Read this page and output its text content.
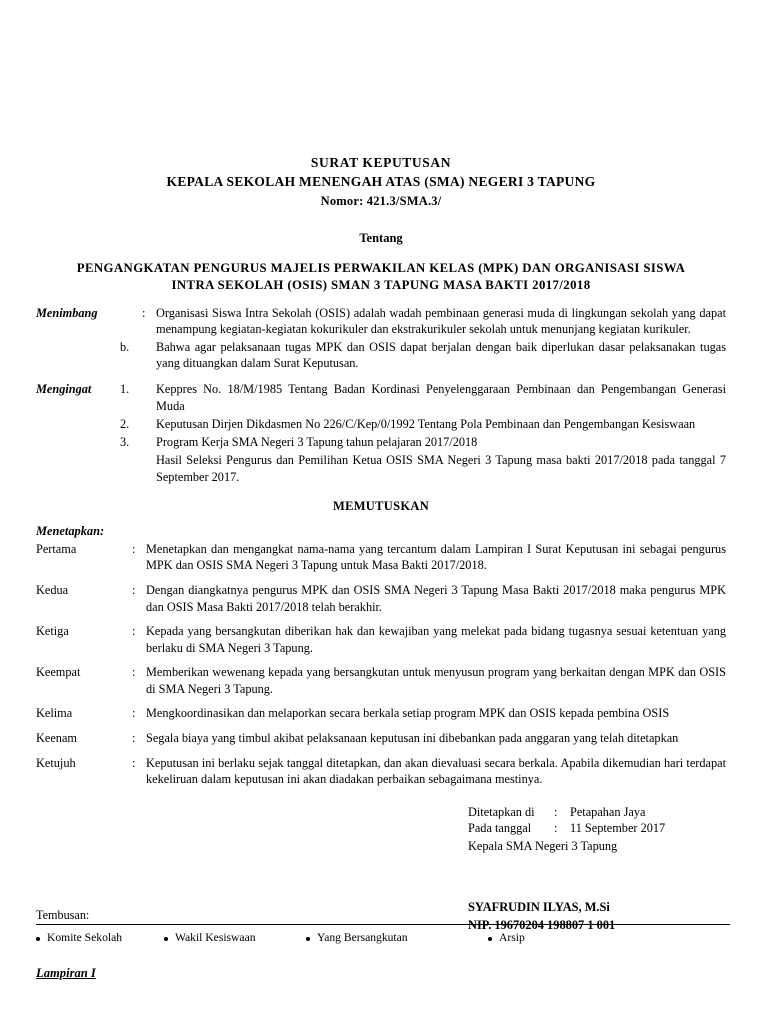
SURAT KEPUTUSAN
KEPALA SEKOLAH MENENGAH ATAS (SMA) NEGERI 3 TAPUNG
Nomor: 421.3/SMA.3/
Tentang
PENGANGKATAN PENGURUS MAJELIS PERWAKILAN KELAS (MPK) DAN ORGANISASI SISWA
INTRA SEKOLAH (OSIS) SMAN 3 TAPUNG MASA BAKTI 2017/2018
Menimbang	: Organisasi Siswa Intra Sekolah (OSIS) adalah wadah pembinaan generasi muda di lingkungan sekolah yang dapat menampung kegiatan-kegiatan kokurikuler dan ekstrakurikuler sekolah untuk menunjang kegiatan kurikuler.
b.	Bahwa agar pelaksanaan tugas MPK dan OSIS dapat berjalan dengan baik diperlukan dasar pelaksanakan tugas yang dituangkan dalam Surat Keputusan.
Mengingat	1.	Keppres No. 18/M/1985 Tentang Badan Kordinasi Penyelenggaraan Pembinaan dan Pengembangan Generasi Muda
2.	Keputusan Dirjen Dikdasmen No 226/C/Kep/0/1992 Tentang Pola Pembinaan dan Pengembangan Kesiswaan
3.	Program Kerja SMA Negeri 3 Tapung tahun pelajaran 2017/2018
Hasil Seleksi Pengurus dan Pemilihan Ketua OSIS SMA Negeri 3 Tapung masa bakti 2017/2018 pada tanggal 7 September 2017.
MEMUTUSKAN
Menetapkan:
Pertama	: Menetapkan dan mengangkat nama-nama yang tercantum dalam Lampiran I Surat Keputusan ini sebagai pengurus MPK dan OSIS SMA Negeri 3 Tapung untuk Masa Bakti 2017/2018.
Kedua	: Dengan diangkatnya pengurus MPK dan OSIS SMA Negeri 3 Tapung Masa Bakti 2017/2018 maka pengurus MPK dan OSIS Masa Bakti 2017/2018 telah berakhir.
Ketiga	: Kepada yang bersangkutan diberikan hak dan kewajiban yang melekat pada bidang tugasnya sesuai ketentuan yang berlaku di SMA Negeri 3 Tapung.
Keempat	: Memberikan wewenang kepada yang bersangkutan untuk menyusun program yang berkaitan dengan MPK dan OSIS di SMA Negeri 3 Tapung.
Kelima	: Mengkoordinasikan dan melaporkan secara berkala setiap program MPK dan OSIS kepada pembina OSIS
Keenam	: Segala biaya yang timbul akibat pelaksanaan keputusan ini dibebankan pada anggaran yang telah ditetapkan
Ketujuh	: Keputusan ini berlaku sejak tanggal ditetapkan, dan akan dievaluasi secara berkala. Apabila dikemudian hari terdapat kekeliruan dalam keputusan ini akan diadakan perbaikan sebagaimana mestinya.
Ditetapkan di	:	Petapahan Jaya
Pada tanggal	:	11 September 2017
Kepala SMA Negeri 3 Tapung
SYAFRUDIN ILYAS, M.Si
NIP. 19670204 198807 1 001
Tembusan:
Komite Sekolah	Wakil Kesiswaan	Yang Bersangkutan	Arsip
Lampiran I
